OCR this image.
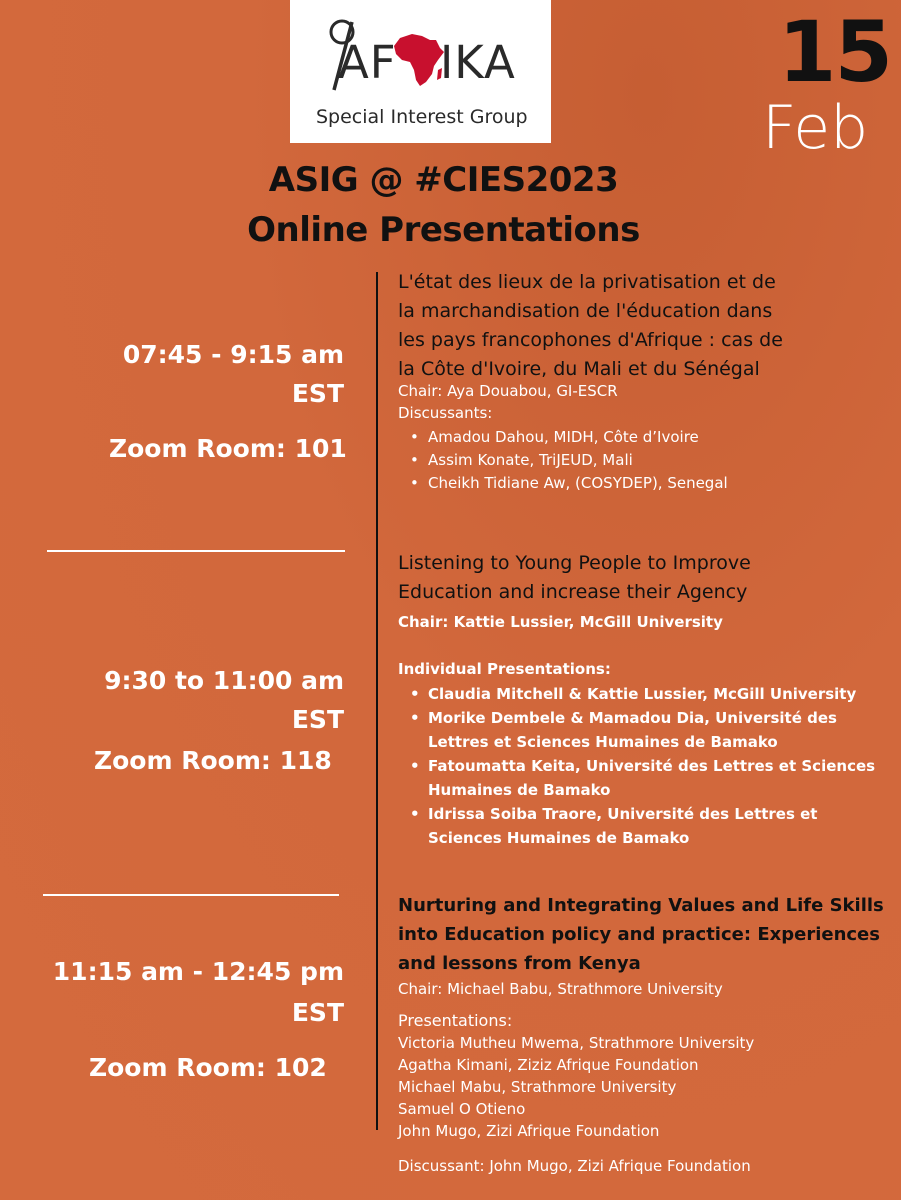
AF IKA
Special Interest Group
15
Feb
ASIG @ #CIES2023
Online Presentations
07:45 - 9:15 am
EST
Zoom Room: 101
L'état des lieux de la privatisation et de
la marchandisation de l'éducation dans
les pays francophones d'Afrique : cas de
la Côte d'Ivoire, du Mali et du Sénégal
Chair: Aya Douabou, GI-ESCR
Discussants:
• Amadou Dahou, MIDH, Côte d’Ivoire
• Assim Konate, TriJEUD, Mali
• Cheikh Tidiane Aw, (COSYDEP), Senegal
9:30 to 11:00 am
EST
Zoom Room: 118
Listening to Young People to Improve
Education and increase their Agency
Chair: Kattie Lussier, McGill University
Individual Presentations:
• Claudia Mitchell & Kattie Lussier, McGill University
• Morike Dembele & Mamadou Dia, Université des
Lettres et Sciences Humaines de Bamako
• Fatoumatta Keita, Université des Lettres et Sciences
Humaines de Bamako
• Idrissa Soiba Traore, Université des Lettres et
Sciences Humaines de Bamako
11:15 am - 12:45 pm
EST
Zoom Room: 102
Nurturing and Integrating Values and Life Skills
into Education policy and practice: Experiences
and lessons from Kenya
Chair: Michael Babu, Strathmore University
Presentations:
Victoria Mutheu Mwema, Strathmore University
Agatha Kimani, Ziziz Afrique Foundation
Michael Mabu, Strathmore University
Samuel O Otieno
John Mugo, Zizi Afrique Foundation
Discussant: John Mugo, Zizi Afrique Foundation
